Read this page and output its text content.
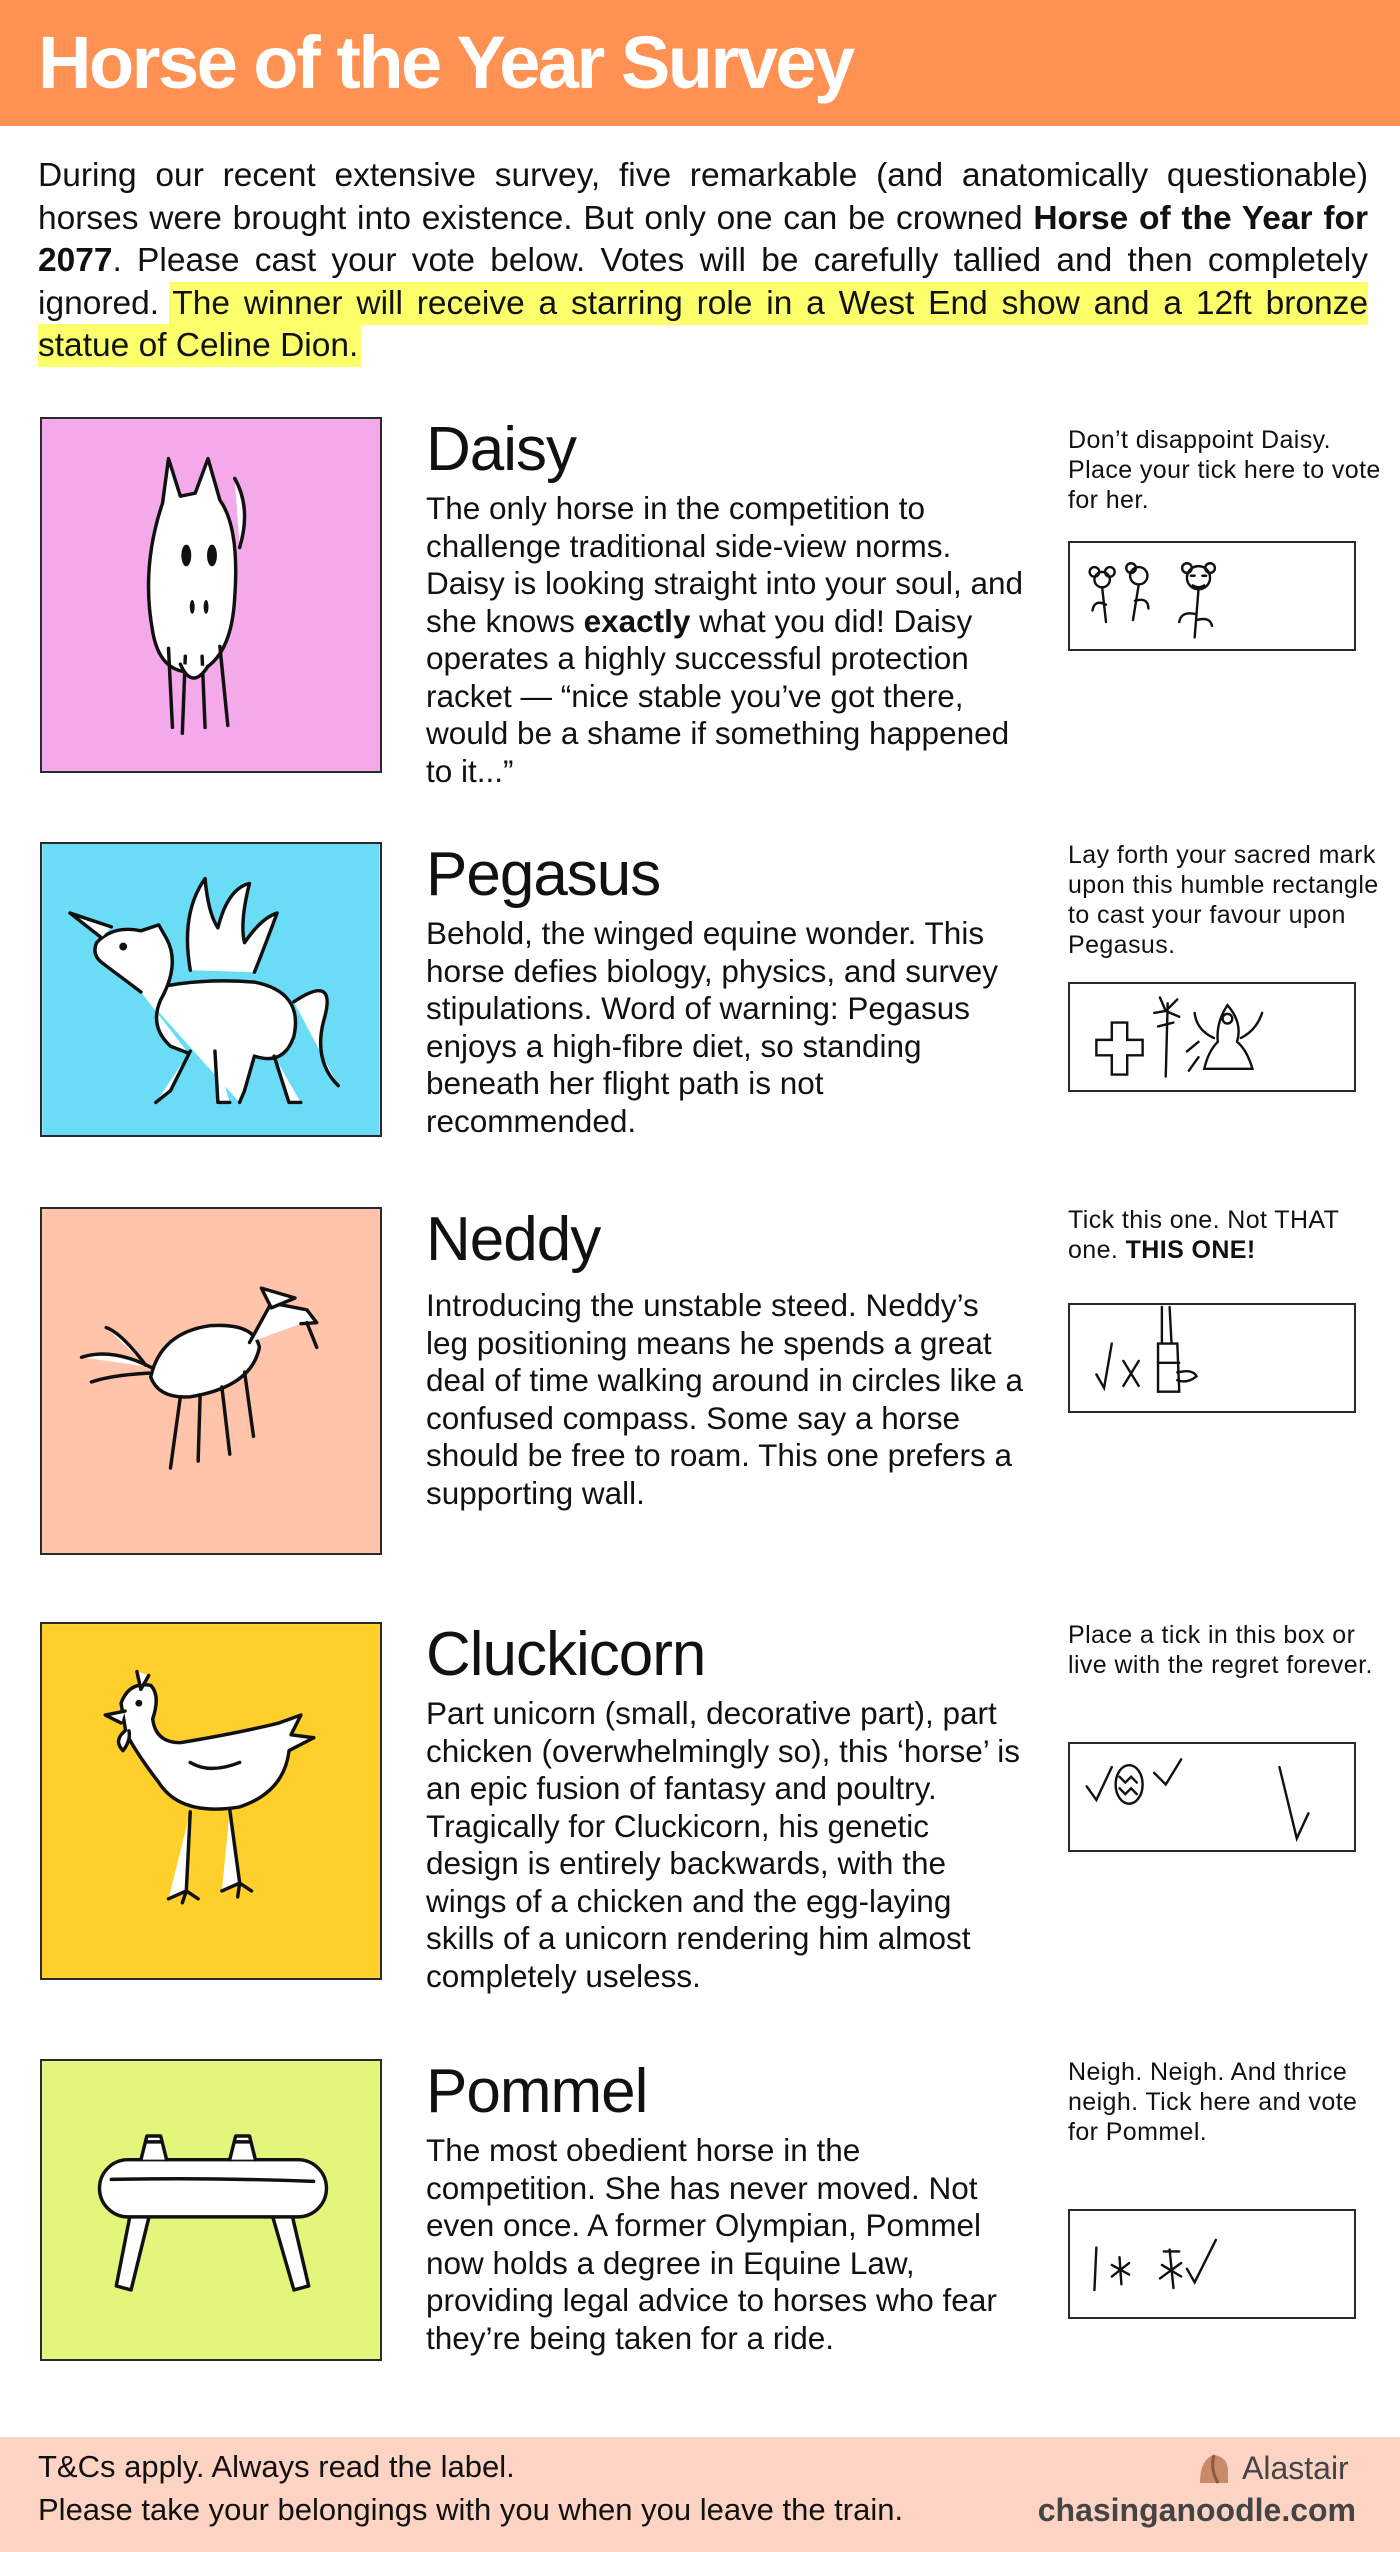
Horse of the Year Survey

During our recent extensive survey, five remarkable (and anatomically questionable) horses were brought into existence. But only one can be crowned Horse of the Year for 2077. Please cast your vote below. Votes will be carefully tallied and then completely ignored. The winner will receive a starring role in a West End show and a 12ft bronze statue of Celine Dion.

Daisy
The only horse in the competition to challenge traditional side-view norms. Daisy is looking straight into your soul, and she knows exactly what you did! Daisy operates a highly successful protection racket — “nice stable you’ve got there, would be a shame if something happened to it...”
Don’t disappoint Daisy. Place your tick here to vote for her.
Pegasus
Behold, the winged equine wonder. This horse defies biology, physics, and survey stipulations. Word of warning: Pegasus enjoys a high-fibre diet, so standing beneath her flight path is not recommended.
Lay forth your sacred mark upon this humble rectangle to cast your favour upon Pegasus.
Neddy
Introducing the unstable steed. Neddy’s leg positioning means he spends a great deal of time walking around in circles like a confused compass. Some say a horse should be free to roam. This one prefers a supporting wall.
Tick this one. Not THAT one. THIS ONE!
Cluckicorn
Part unicorn (small, decorative part), part chicken (overwhelmingly so), this ‘horse’ is an epic fusion of fantasy and poultry. Tragically for Cluckicorn, his genetic design is entirely backwards, with the wings of a chicken and the egg-laying skills of a unicorn rendering him almost completely useless.
Place a tick in this box or live with the regret forever.
Pommel
The most obedient horse in the competition. She has never moved. Not even once. A former Olympian, Pommel now holds a degree in Equine Law, providing legal advice to horses who fear they’re being taken for a ride.
Neigh. Neigh. And thrice neigh. Tick here and vote for Pommel.
T&Cs apply. Always read the label.
Please take your belongings with you when you leave the train.
Alastair
chasinganoodle.com
